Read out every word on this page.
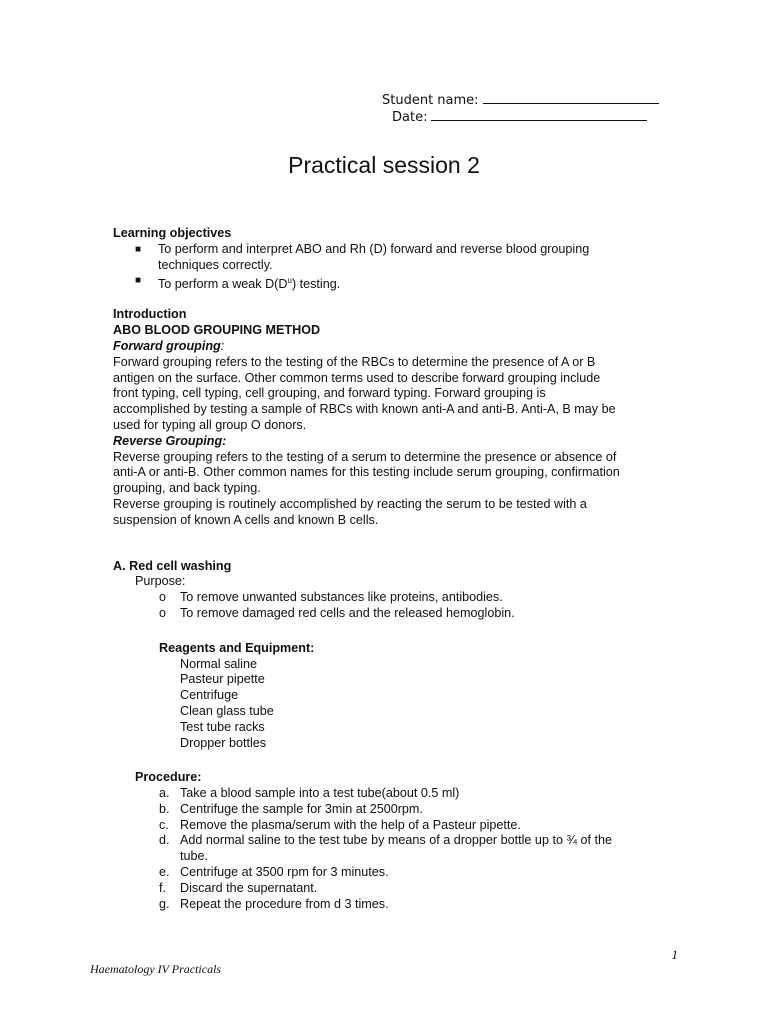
Student name:
Date:
Practical session 2
Learning objectives
■ To perform and interpret ABO and Rh (D) forward and reverse blood grouping
techniques correctly.
■ To perform a weak $D(D^u)$ testing.
Introduction
ABO BLOOD GROUPING METHOD
Forward grouping:
Forward grouping refers to the testing of the RBCs to determine the presence of A or B
antigen on the surface. Other common terms used to describe forward grouping include
front typing, cell typing, cell grouping, and forward typing. Forward grouping is
accomplished by testing a sample of RBCs with known anti-A and anti-B. Anti-A, B may be
used for typing all group O donors.
Reverse Grouping:
Reverse grouping refers to the testing of a serum to determine the presence or absence of
anti-A or anti-B. Other common names for this testing include serum grouping, confirmation
grouping, and back typing.
Reverse grouping is routinely accomplished by reacting the serum to be tested with a
suspension of known A cells and known B cells.
A. Red cell washing
Purpose:
o To remove unwanted substances like proteins, antibodies.
o To remove damaged red cells and the released hemoglobin.
Reagents and Equipment:
Normal saline
Pasteur pipette
Centrifuge
Clean glass tube
Test tube racks
Dropper bottles
Procedure:
a. Take a blood sample into a test tube(about 0.5 ml)
b. Centrifuge the sample for 3min at 2500rpm.
c. Remove the plasma/serum with the help of a Pasteur pipette.
d. Add normal saline to the test tube by means of a dropper bottle up to ¾ of the
tube.
e. Centrifuge at 3500 rpm for 3 minutes.
f. Discard the supernatant.
g. Repeat the procedure from d 3 times.
1
Haematology IV Practicals
